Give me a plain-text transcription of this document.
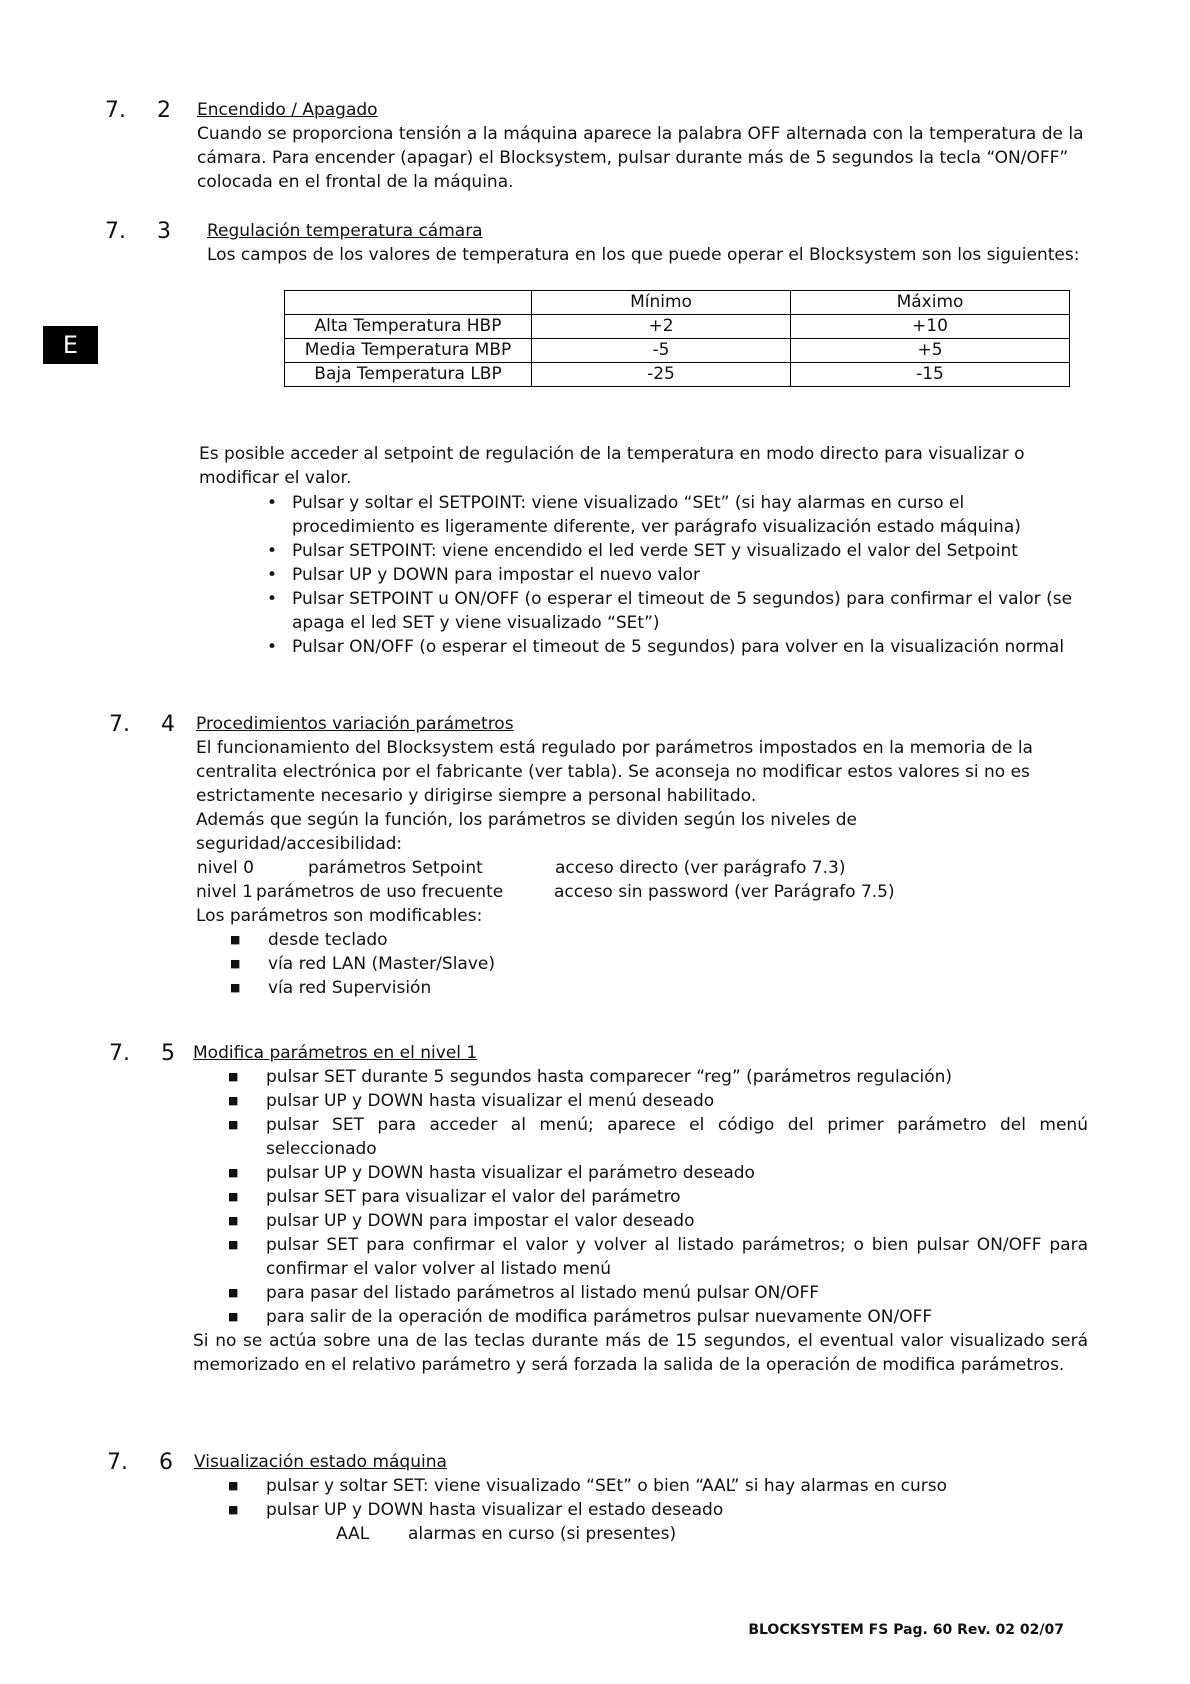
E
7. 2 Encendido / Apagado
Cuando se proporciona tensión a la máquina aparece la palabra OFF alternada con la temperatura de la cámara. Para encender (apagar) el Blocksystem, pulsar durante más de 5 segundos la tecla “ON/OFF” colocada en el frontal de la máquina.
7. 3 Regulación temperatura cámara
Los campos de los valores de temperatura en los que puede operar el Blocksystem son los siguientes:
	Mínimo	Máximo
Alta Temperatura HBP	+2	+10
Media Temperatura MBP	-5	+5
Baja Temperatura LBP	-25	-15
Es posible acceder al setpoint de regulación de la temperatura en modo directo para visualizar o modificar el valor.
• Pulsar y soltar el SETPOINT: viene visualizado “SEt” (si hay alarmas en curso el procedimiento es ligeramente diferente, ver parágrafo visualización estado máquina)
• Pulsar SETPOINT: viene encendido el led verde SET y visualizado el valor del Setpoint
• Pulsar UP y DOWN para impostar el nuevo valor
• Pulsar SETPOINT u ON/OFF (o esperar el timeout de 5 segundos) para confirmar el valor (se apaga el led SET y viene visualizado “SEt”)
• Pulsar ON/OFF (o esperar el timeout de 5 segundos) para volver en la visualización normal
7. 4 Procedimientos variación parámetros
El funcionamiento del Blocksystem está regulado por parámetros impostados en la memoria de la centralita electrónica por el fabricante (ver tabla). Se aconseja no modificar estos valores si no es estrictamente necesario y dirigirse siempre a personal habilitado.
Además que según la función, los parámetros se dividen según los niveles de seguridad/accesibilidad:
nivel 0	parámetros Setpoint	acceso directo (ver parágrafo 7.3)
nivel 1 parámetros de uso frecuente	acceso sin password (ver Parágrafo 7.5)
Los parámetros son modificables:
■ desde teclado
■ vía red LAN (Master/Slave)
■ vía red Supervisión
7. 5 Modifica parámetros en el nivel 1
■ pulsar SET durante 5 segundos hasta comparecer “reg” (parámetros regulación)
■ pulsar UP y DOWN hasta visualizar el menú deseado
■ pulsar SET para acceder al menú; aparece el código del primer parámetro del menú seleccionado
■ pulsar UP y DOWN hasta visualizar el parámetro deseado
■ pulsar SET para visualizar el valor del parámetro
■ pulsar UP y DOWN para impostar el valor deseado
■ pulsar SET para confirmar el valor y volver al listado parámetros; o bien pulsar ON/OFF para confirmar el valor volver al listado menú
■ para pasar del listado parámetros al listado menú pulsar ON/OFF
■ para salir de la operación de modifica parámetros pulsar nuevamente ON/OFF
Si no se actúa sobre una de las teclas durante más de 15 segundos, el eventual valor visualizado será memorizado en el relativo parámetro y será forzada la salida de la operación de modifica parámetros.
7. 6 Visualización estado máquina
■ pulsar y soltar SET: viene visualizado “SEt” o bien “AAL” si hay alarmas en curso
■ pulsar UP y DOWN hasta visualizar el estado deseado
AAL alarmas en curso (si presentes)
BLOCKSYSTEM FS Pag. 60 Rev. 02 02/07
